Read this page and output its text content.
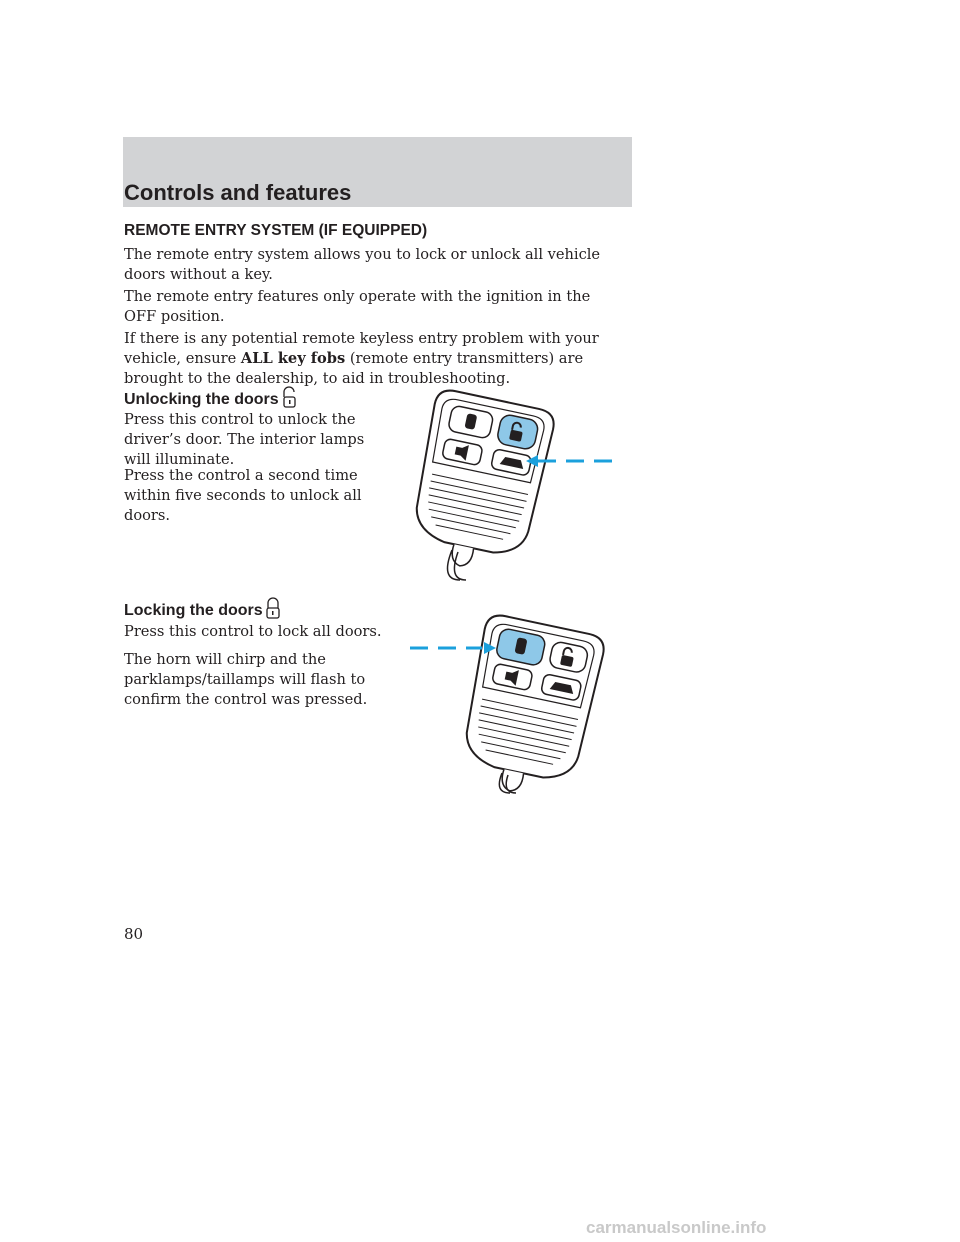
Controls and features
REMOTE ENTRY SYSTEM (IF EQUIPPED)

The remote entry system allows you to lock or unlock all vehicle doors without a key.

The remote entry features only operate with the ignition in the OFF position.

If there is any potential remote keyless entry problem with your vehicle, ensure ALL key fobs (remote entry transmitters) are brought to the dealership, to aid in troubleshooting.

Unlocking the doors

Press this control to unlock the driver’s door. The interior lamps will illuminate.

Press the control a second time within five seconds to unlock all doors.

Locking the doors

Press this control to lock all doors.

The horn will chirp and the parklamps/taillamps will flash to confirm the control was pressed.

80
carmanualsonline.info
